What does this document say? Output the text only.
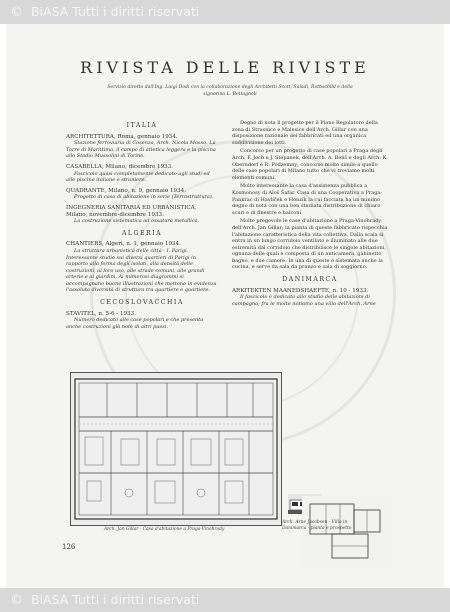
© BiASA Tutti i diritti riservati
RIVISTA DELLE RIVISTE
Servizio diretto dall'Ing. Luigi Dodi con la collaborazione degli Architetti Scott, Saladi, Rothschild e della signorina L. Bettagnoli
ITALIA
ARCHITETTURA, Roma, gennaio 1934.
Stazione ferroviaria di Cosenza, Arch. Nicola Mosso. La Torre di Marittima, il campo di atletica leggera e la piscina allo Stadio Mussolini di Torino.
CASABELLA, Milano, dicembre 1933.
Fascicolo quasi completamente dedicato agli studi ed alle piscine italiane e straniere.
QUADRANTE, Milano, n. 9, gennaio 1934.
Progetto di casa di abitazione in serie (Terrastruttura).
INGEGNERIA SANITARIA ED URBANISTICA, Milano, novembre-dicembre 1933.
La costruzione sistematica ad ossatura metallica.
ALGERIA
CHANTIERS, Algeri, n. 1, gennaio 1934.
La struttura urbanistica delle città - I. Parigi. Interessante studio sui diversi quartieri di Parigi in rapporto alla forma degli isolati, alla densità delle costruzioni, al loro uso, alle strade comuni, alle grandi arterie e ai giardini. Ai numerosi diagrammi si accompagnano buone illustrazioni che mettono in evidenza l'assoluta diversità di struttura tra quartiere e quartiere.
CECOSLOVACCHIA
STAVITEL, n. 5-6 - 1933.
Numero dedicato alle case popolari e che presenta anche costruzioni già note di altri paesi.

Degno di nota il progetto per il Piano Regolatore della zona di Strasnice e Malesice dell'Arch. Gillar con una disposizione razionale dei fabbricati ed una organica suddivisione dei lotti.

Concorso per un progetto di case popolari a Praga degli Arch. F. Jech e J. Stepanek, dell'Arch. A. Benš e degli Arch. K. Oberndorf e R. Podzemny; concorso molto simile a quello delle case popolari di Milano tutto che vi troviamo molti elementi comuni.

Molto interessante la casa d'assistenza pubblica a Kosmonosy di Aloš Šafar. Casa di una Cooperativa a Praga-Pankrac di Havlíček e Honzík la cui facciata ha un minimo degno di nota con una ben studiata distribuzione di chiaro scuri e di finestre e balconi.

Molto pregevole le case d'abitazione a Praga-Vinohrady dell'Arch. Jan Gillar; la pianta di queste fabbricato rispecchia l'abitazione caratteristica della vita collettiva. Dalla scala si entra in un lungo corridoio ventilato e illuminato alle due estremità dal corridoio che distribuisce le singole abitazioni, ognuna delle quali è composta di un anticamera, gabinetto bagno, e due camere. In una di queste è sistemata anche la cucina, e serve da sala da pranzo e sala di soggiorno.

DANIMARCA
ARKITEKTEN MAANEDSHAEFTE, n. 10 - 1933.
Il fascicolo è dedicato allo studio delle abitazioni di campagna; fra le molte notiamo una villa dell'Arch. Arne
Arch. Jan Gillar - Casa d'abitazione a Praga-Vinohrady
Arch. Arne Jacobsen - Villa in Danimarca - pianta e prospetto
126
© BiASA Tutti i diritti riservati
